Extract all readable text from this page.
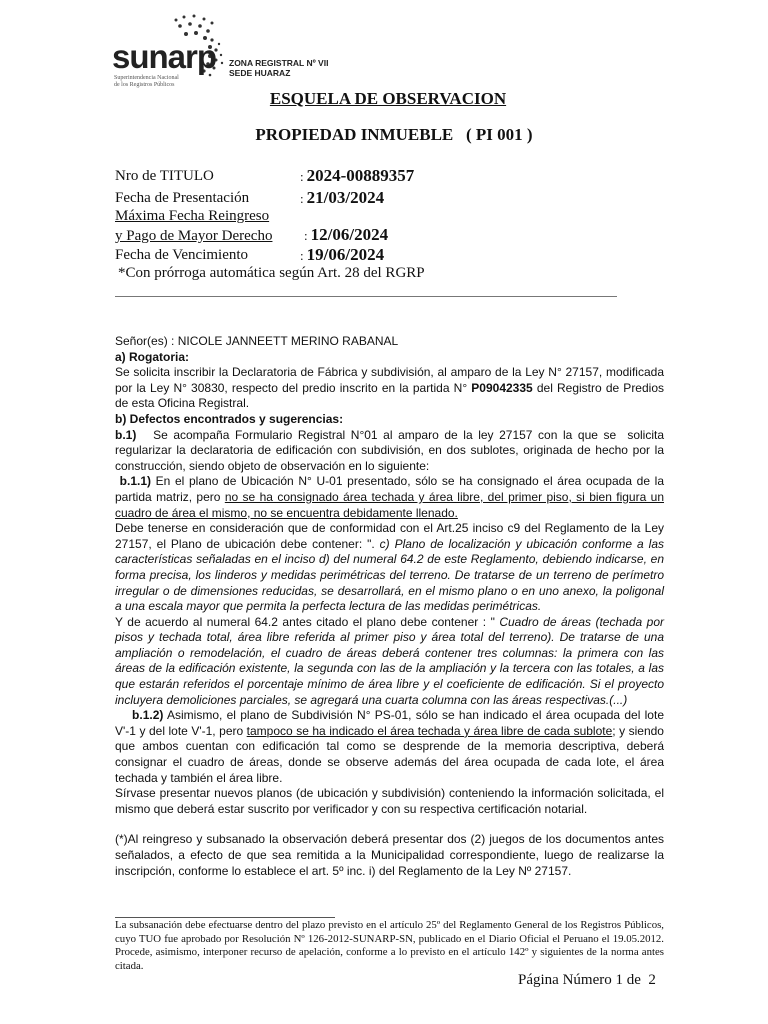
sunarp
Superintendencia Nacional
de los Registros Públicos
ZONA REGISTRAL Nº VII
SEDE HUARAZ
ESQUELA DE OBSERVACION
PROPIEDAD INMUEBLE   ( PI 001 )
Nro de TITULO	: 2024-00889357
Fecha de Presentación	: 21/03/2024
Máxima Fecha Reingreso
y Pago de Mayor Derecho : 12/06/2024
Fecha de Vencimiento	: 19/06/2024
*Con prórroga automática según Art. 28 del RGRP

Señor(es) : NICOLE JANNEETT MERINO RABANAL

a) Rogatoria:

Se solicita inscribir la Declaratoria de Fábrica y subdivisión, al amparo de la Ley N° 27157, modificada por la Ley N° 30830, respecto del predio inscrito en la partida N° P09042335 del Registro de Predios de esta Oficina Registral.

b) Defectos encontrados y sugerencias:

b.1)   Se acompaña Formulario Registral N°01 al amparo de la ley 27157 con la que se  solicita regularizar la declaratoria de edificación con subdivisión, en dos sublotes, originada de hecho por la construcción, siendo objeto de observación en lo siguiente:

b.1.1) En el plano de Ubicación N° U-01 presentado, sólo se ha consignado el área ocupada de la partida matriz, pero no se ha consignado área techada y área libre, del primer piso, si bien figura un cuadro de área el mismo, no se encuentra debidamente llenado.

Debe tenerse en consideración que de conformidad con el Art.25 inciso c9 del Reglamento de la Ley 27157, el Plano de ubicación debe contener: ". c) Plano de localización y ubicación conforme a las características señaladas en el inciso d) del numeral 64.2 de este Reglamento, debiendo indicarse, en forma precisa, los linderos y medidas perimétricas del terreno. De tratarse de un terreno de perímetro irregular o de dimensiones reducidas, se desarrollará, en el mismo plano o en uno anexo, la poligonal a una escala mayor que permita la perfecta lectura de las medidas perimétricas.

Y de acuerdo al numeral 64.2 antes citado el plano debe contener : " Cuadro de áreas (techada por pisos y techada total, área libre referida al primer piso y área total del terreno). De tratarse de una ampliación o remodelación, el cuadro de áreas deberá contener tres columnas: la primera con las áreas de la edificación existente, la segunda con las de la ampliación y la tercera con las totales, a las que estarán referidos el porcentaje mínimo de área libre y el coeficiente de edificación. Si el proyecto incluyera demoliciones parciales, se agregará una cuarta columna con las áreas respectivas.(...)

b.1.2) Asimismo, el plano de Subdivisión N° PS-01, sólo se han indicado el área ocupada del lote V'-1 y del lote V'-1, pero tampoco se ha indicado el área techada y área libre de cada sublote; y siendo que ambos cuentan con edificación tal como se desprende de la memoria descriptiva, deberá consignar el cuadro de áreas, donde se observe además del área ocupada de cada lote, el área techada y también el área libre.

Sírvase presentar nuevos planos (de ubicación y subdivisión) conteniendo la información solicitada, el mismo que deberá estar suscrito por verificador y con su respectiva certificación notarial.

(*)Al reingreso y subsanado la observación deberá presentar dos (2) juegos de los documentos antes señalados, a efecto de que sea remitida a la Municipalidad correspondiente, luego de realizarse la inscripción, conforme lo establece el art. 5º inc. i) del Reglamento de la Ley Nº 27157.

La subsanación debe efectuarse dentro del plazo previsto en el artículo 25º del Reglamento General de los Registros Públicos, cuyo TUO fue aprobado por Resolución Nº 126-2012-SUNARP-SN, publicado en el Diario Oficial el Peruano el 19.05.2012. Procede, asimismo, interponer recurso de apelación, conforme a lo previsto en el artículo 142º y siguientes de la norma antes citada.
Página Número 1 de  2
